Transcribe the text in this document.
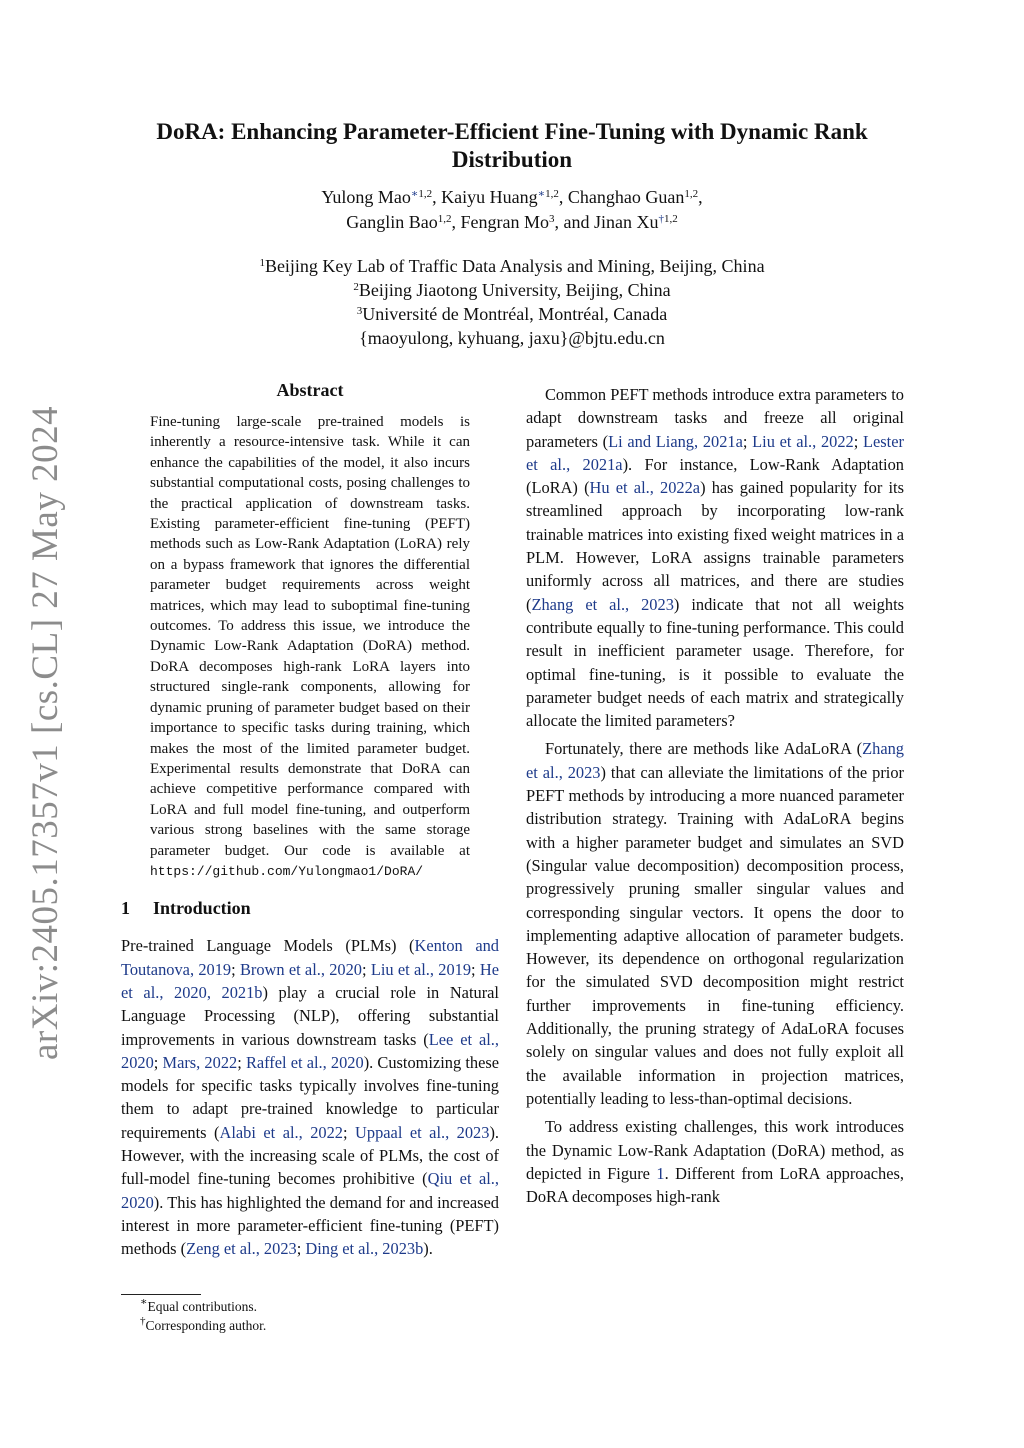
arXiv:2405.17357v1 [cs.CL] 27 May 2024
DoRA: Enhancing Parameter-Efficient Fine-Tuning with Dynamic Rank Distribution
Yulong Mao$^{∗1,2}$, Kaiyu Huang$^{∗1,2}$, Changhao Guan$^{1,2}$,
Ganglin Bao$^{1,2}$, Fengran Mo$^3$, and Jinan Xu$^{\dagger 1,2}$
$^1$Beijing Key Lab of Traffic Data Analysis and Mining, Beijing, China
$^2$Beijing Jiaotong University, Beijing, China
$^3$Université de Montréal, Montréal, Canada
{maoyulong, kyhuang, jaxu}@bjtu.edu.cn
Abstract
Fine-tuning large-scale pre-trained models is inherently a resource-intensive task. While it can enhance the capabilities of the model, it also incurs substantial computational costs, posing challenges to the practical application of downstream tasks. Existing parameter-efficient fine-tuning (PEFT) methods such as Low-Rank Adaptation (LoRA) rely on a bypass framework that ignores the differential parameter budget requirements across weight matrices, which may lead to suboptimal fine-tuning outcomes. To address this issue, we introduce the Dynamic Low-Rank Adaptation (DoRA) method. DoRA decomposes high-rank LoRA layers into structured single-rank components, allowing for dynamic pruning of parameter budget based on their importance to specific tasks during training, which makes the most of the limited parameter budget. Experimental results demonstrate that DoRA can achieve competitive performance compared with LoRA and full model fine-tuning, and outperform various strong baselines with the same storage parameter budget. Our code is available at https://github.com/Yulongmao1/DoRA/
1 Introduction

Pre-trained Language Models (PLMs) (Kenton and Toutanova, 2019; Brown et al., 2020; Liu et al., 2019; He et al., 2020, 2021b) play a crucial role in Natural Language Processing (NLP), offering substantial improvements in various downstream tasks (Lee et al., 2020; Mars, 2022; Raffel et al., 2020). Customizing these models for specific tasks typically involves fine-tuning them to adapt pre-trained knowledge to particular requirements (Alabi et al., 2022; Uppaal et al., 2023). However, with the increasing scale of PLMs, the cost of full-model fine-tuning becomes prohibitive (Qiu et al., 2020). This has highlighted the demand for and increased interest in more parameter-efficient fine-tuning (PEFT) methods (Zeng et al., 2023; Ding et al., 2023b).

Common PEFT methods introduce extra parameters to adapt downstream tasks and freeze all original parameters (Li and Liang, 2021a; Liu et al., 2022; Lester et al., 2021a). For instance, Low-Rank Adaptation (LoRA) (Hu et al., 2022a) has gained popularity for its streamlined approach by incorporating low-rank trainable matrices into existing fixed weight matrices in a PLM. However, LoRA assigns trainable parameters uniformly across all matrices, and there are studies (Zhang et al., 2023) indicate that not all weights contribute equally to fine-tuning performance. This could result in inefficient parameter usage. Therefore, for optimal fine-tuning, is it possible to evaluate the parameter budget needs of each matrix and strategically allocate the limited parameters?

Fortunately, there are methods like AdaLoRA (Zhang et al., 2023) that can alleviate the limitations of the prior PEFT methods by introducing a more nuanced parameter distribution strategy. Training with AdaLoRA begins with a higher parameter budget and simulates an SVD (Singular value decomposition) decomposition process, progressively pruning smaller singular values and corresponding singular vectors. It opens the door to implementing adaptive allocation of parameter budgets. However, its dependence on orthogonal regularization for the simulated SVD decomposition might restrict further improvements in fine-tuning efficiency. Additionally, the pruning strategy of AdaLoRA focuses solely on singular values and does not fully exploit all the available information in projection matrices, potentially leading to less-than-optimal decisions.

To address existing challenges, this work introduces the Dynamic Low-Rank Adaptation (DoRA) method, as depicted in Figure 1. Different from LoRA approaches, DoRA decomposes high-rank

∗Equal contributions.
†Corresponding author.
